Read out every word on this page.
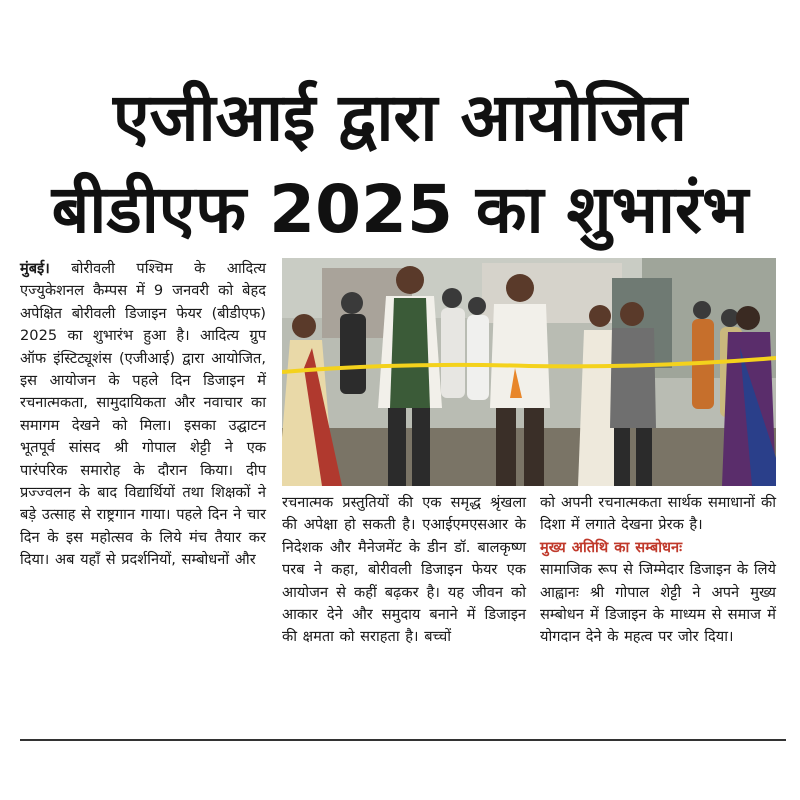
एजीआई द्वारा आयोजित
बीडीएफ 2025 का शुभारंभ
मुंबई। बोरीवली पश्चिम के आदित्य एज्युकेशनल कैम्पस में 9 जनवरी को बेहद अपेक्षित बोरीवली डिजाइन फेयर (बीडीएफ) 2025 का शुभारंभ हुआ है। आदित्य ग्रुप ऑफ इंस्टिट्यूशंस (एजीआई) द्वारा आयोजित, इस आयोजन के पहले दिन डिजाइन में रचनात्मकता, सामुदायिकता और नवाचार का समागम देखने को मिला। इसका उद्घाटन भूतपूर्व सांसद श्री गोपाल शेट्टी ने एक पारंपरिक समारोह के दौरान किया। दीप प्रज्ज्वलन के बाद विद्यार्थियों तथा शिक्षकों ने बड़े उत्साह से राष्ट्रगान गाया। पहले दिन ने चार दिन के इस महोत्सव के लिये मंच तैयार कर दिया। अब यहाँ से प्रदर्शनियों, सम्बोधनों और
रचनात्मक प्रस्तुतियों की एक समृद्ध श्रृंखला की अपेक्षा हो सकती है। एआईएमएसआर के निदेशक और मैनेजमेंट के डीन डॉ. बालकृष्ण परब ने कहा, बोरीवली डिजाइन फेयर एक आयोजन से कहीं बढ़कर है। यह जीवन को आकार देने और समुदाय बनाने में डिजाइन की क्षमता को सराहता है। बच्चों
को अपनी रचनात्मकता सार्थक समाधानों की दिशा में लगाते देखना प्रेरक है।
मुख्य अतिथि का सम्बोधनः
सामाजिक रूप से जिम्मेदार डिजाइन के लिये आह्वानः श्री गोपाल शेट्टी ने अपने मुख्य सम्बोधन में डिजाइन के माध्यम से समाज में योगदान देने के महत्व पर जोर दिया।
